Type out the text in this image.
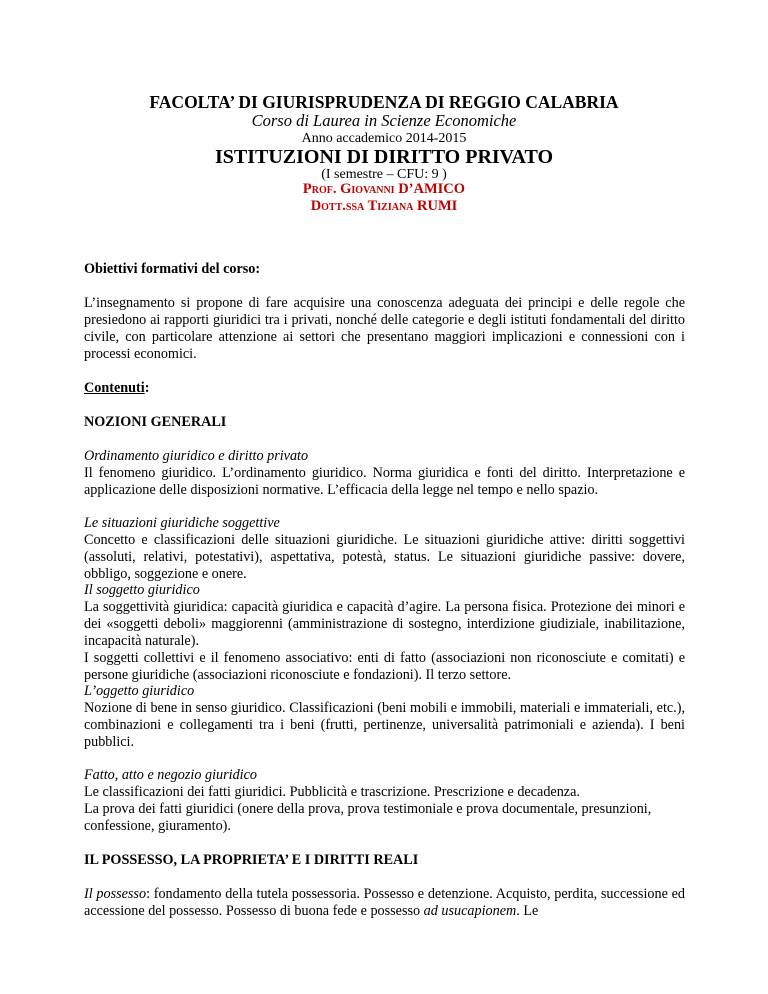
FACOLTA’ DI GIURISPRUDENZA DI REGGIO CALABRIA
Corso di Laurea in Scienze Economiche
Anno accademico 2014-2015
ISTITUZIONI DI DIRITTO PRIVATO
(I semestre – CFU: 9 )
Prof. Giovanni D’AMICO
Dott.ssa Tiziana RUMI
Obiettivi formativi del corso:
L’insegnamento si propone di fare acquisire una conoscenza adeguata dei principi e delle regole che presiedono ai rapporti giuridici tra i privati, nonché delle categorie e degli istituti fondamentali del diritto civile, con particolare attenzione ai settori che presentano maggiori implicazioni e connessioni con i processi economici.
Contenuti:
NOZIONI GENERALI

Ordinamento giuridico e diritto privato

Il fenomeno giuridico. L’ordinamento giuridico. Norma giuridica e fonti del diritto. Interpretazione e applicazione delle disposizioni normative. L’efficacia della legge nel tempo e nello spazio.

Le situazioni giuridiche soggettive

Concetto e classificazioni delle situazioni giuridiche. Le situazioni giuridiche attive: diritti soggettivi (assoluti, relativi, potestativi), aspettativa, potestà, status. Le situazioni giuridiche passive: dovere, obbligo, soggezione e onere.

Il soggetto giuridico

La soggettività giuridica: capacità giuridica e capacità d’agire. La persona fisica. Protezione dei minori e dei «soggetti deboli» maggiorenni (amministrazione di sostegno, interdizione giudiziale, inabilitazione, incapacità naturale).

I soggetti collettivi e il fenomeno associativo: enti di fatto (associazioni non riconosciute e comitati) e persone giuridiche (associazioni riconosciute e fondazioni). Il terzo settore.

L’oggetto giuridico

Nozione di bene in senso giuridico. Classificazioni (beni mobili e immobili, materiali e immateriali, etc.), combinazioni e collegamenti tra i beni (frutti, pertinenze, universalità patrimoniali e azienda). I beni pubblici.

Fatto, atto e negozio giuridico

Le classificazioni dei fatti giuridici. Pubblicità e trascrizione. Prescrizione e decadenza.

La prova dei fatti giuridici (onere della prova, prova testimoniale e prova documentale, presunzioni, confessione, giuramento).

IL POSSESSO, LA PROPRIETA’ E I DIRITTI REALI

Il possesso: fondamento della tutela possessoria. Possesso e detenzione. Acquisto, perdita, successione ed accessione del possesso. Possesso di buona fede e possesso ad usucapionem. Le
